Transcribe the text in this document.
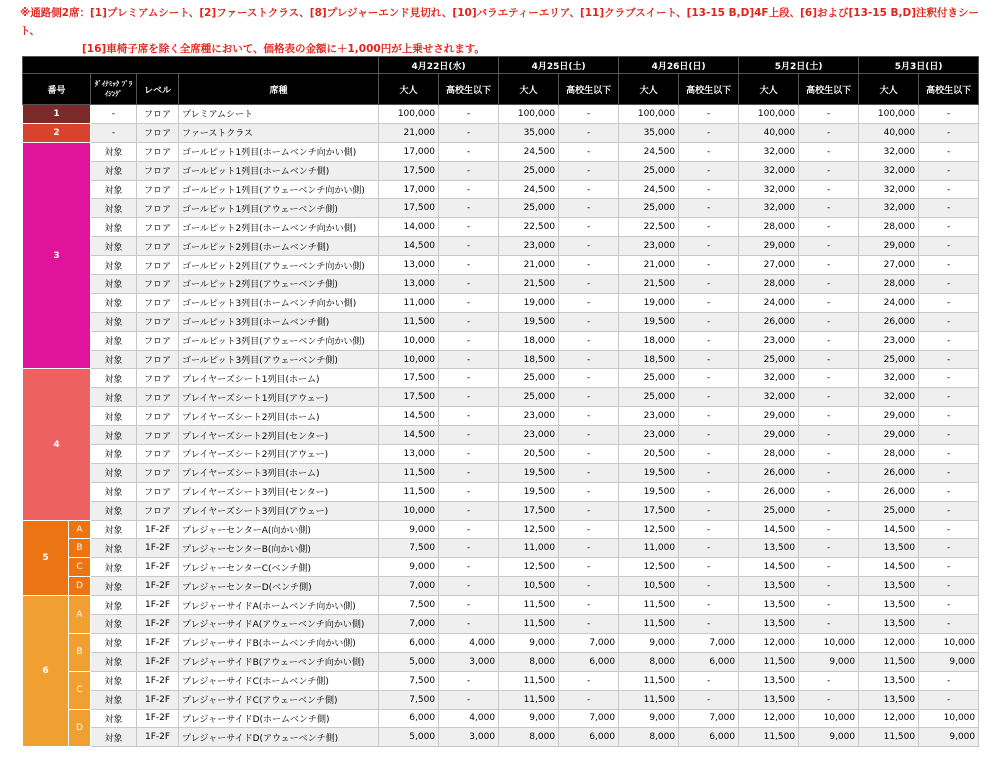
※通路側2席：[1]プレミアムシート、[2]ファーストクラス、[8]プレジャーエンド見切れ、[10]バラエティーエリア、[11]クラブスイート、[13-15 B,D]4F上段、[6]および[13-15 B,D]注釈付きシート、
[16]車椅子席を除く全席種において、価格表の金額に＋1,000円が上乗せされます。
					4月22日(水)		4月25日(土)		4月26日(日)		5月2日(土)		5月3日(日)	
番号		ﾀﾞｲﾅﾐｯｸ ﾌﾟﾗｲｼﾝｸﾞ	レベル	席種	大人	高校生以下	大人	高校生以下	大人	高校生以下	大人	高校生以下	大人	高校生以下
1		-	フロア	プレミアムシート	100,000	-	100,000	-	100,000	-	100,000	-	100,000	-
2		-	フロア	ファーストクラス	21,000	-	35,000	-	35,000	-	40,000	-	40,000	-
3		対象	フロア	ゴールピット1列目(ホームベンチ向かい側)	17,000	-	24,500	-	24,500	-	32,000	-	32,000	-
		対象	フロア	ゴールピット1列目(ホームベンチ側)	17,500	-	25,000	-	25,000	-	32,000	-	32,000	-
		対象	フロア	ゴールピット1列目(アウェーベンチ向かい側)	17,000	-	24,500	-	24,500	-	32,000	-	32,000	-
		対象	フロア	ゴールピット1列目(アウェーベンチ側)	17,500	-	25,000	-	25,000	-	32,000	-	32,000	-
		対象	フロア	ゴールピット2列目(ホームベンチ向かい側)	14,000	-	22,500	-	22,500	-	28,000	-	28,000	-
		対象	フロア	ゴールピット2列目(ホームベンチ側)	14,500	-	23,000	-	23,000	-	29,000	-	29,000	-
		対象	フロア	ゴールピット2列目(アウェーベンチ向かい側)	13,000	-	21,000	-	21,000	-	27,000	-	27,000	-
		対象	フロア	ゴールピット2列目(アウェーベンチ側)	13,000	-	21,500	-	21,500	-	28,000	-	28,000	-
		対象	フロア	ゴールピット3列目(ホームベンチ向かい側)	11,000	-	19,000	-	19,000	-	24,000	-	24,000	-
		対象	フロア	ゴールピット3列目(ホームベンチ側)	11,500	-	19,500	-	19,500	-	26,000	-	26,000	-
		対象	フロア	ゴールピット3列目(アウェーベンチ向かい側)	10,000	-	18,000	-	18,000	-	23,000	-	23,000	-
		対象	フロア	ゴールピット3列目(アウェーベンチ側)	10,000	-	18,500	-	18,500	-	25,000	-	25,000	-
4		対象	フロア	プレイヤーズシート1列目(ホーム)	17,500	-	25,000	-	25,000	-	32,000	-	32,000	-
		対象	フロア	プレイヤーズシート1列目(アウェー)	17,500	-	25,000	-	25,000	-	32,000	-	32,000	-
		対象	フロア	プレイヤーズシート2列目(ホーム)	14,500	-	23,000	-	23,000	-	29,000	-	29,000	-
		対象	フロア	プレイヤーズシート2列目(センター)	14,500	-	23,000	-	23,000	-	29,000	-	29,000	-
		対象	フロア	プレイヤーズシート2列目(アウェー)	13,000	-	20,500	-	20,500	-	28,000	-	28,000	-
		対象	フロア	プレイヤーズシート3列目(ホーム)	11,500	-	19,500	-	19,500	-	26,000	-	26,000	-
		対象	フロア	プレイヤーズシート3列目(センター)	11,500	-	19,500	-	19,500	-	26,000	-	26,000	-
		対象	フロア	プレイヤーズシート3列目(アウェー)	10,000	-	17,500	-	17,500	-	25,000	-	25,000	-
5	A	対象	1F-2F	プレジャーセンターA(向かい側)	9,000	-	12,500	-	12,500	-	14,500	-	14,500	-
	B	対象	1F-2F	プレジャーセンターB(向かい側)	7,500	-	11,000	-	11,000	-	13,500	-	13,500	-
	C	対象	1F-2F	プレジャーセンターC(ベンチ側)	9,000	-	12,500	-	12,500	-	14,500	-	14,500	-
	D	対象	1F-2F	プレジャーセンターD(ベンチ側)	7,000	-	10,500	-	10,500	-	13,500	-	13,500	-
6	A	対象	1F-2F	プレジャーサイドA(ホームベンチ向かい側)	7,500	-	11,500	-	11,500	-	13,500	-	13,500	-
		対象	1F-2F	プレジャーサイドA(アウェーベンチ向かい側)	7,000	-	11,500	-	11,500	-	13,500	-	13,500	-
	B	対象	1F-2F	プレジャーサイドB(ホームベンチ向かい側)	6,000	4,000	9,000	7,000	9,000	7,000	12,000	10,000	12,000	10,000
		対象	1F-2F	プレジャーサイドB(アウェーベンチ向かい側)	5,000	3,000	8,000	6,000	8,000	6,000	11,500	9,000	11,500	9,000
	C	対象	1F-2F	プレジャーサイドC(ホームベンチ側)	7,500	-	11,500	-	11,500	-	13,500	-	13,500	-
		対象	1F-2F	プレジャーサイドC(アウェーベンチ側)	7,500	-	11,500	-	11,500	-	13,500	-	13,500	-
	D	対象	1F-2F	プレジャーサイドD(ホームベンチ側)	6,000	4,000	9,000	7,000	9,000	7,000	12,000	10,000	12,000	10,000
		対象	1F-2F	プレジャーサイドD(アウェーベンチ側)	5,000	3,000	8,000	6,000	8,000	6,000	11,500	9,000	11,500	9,000
